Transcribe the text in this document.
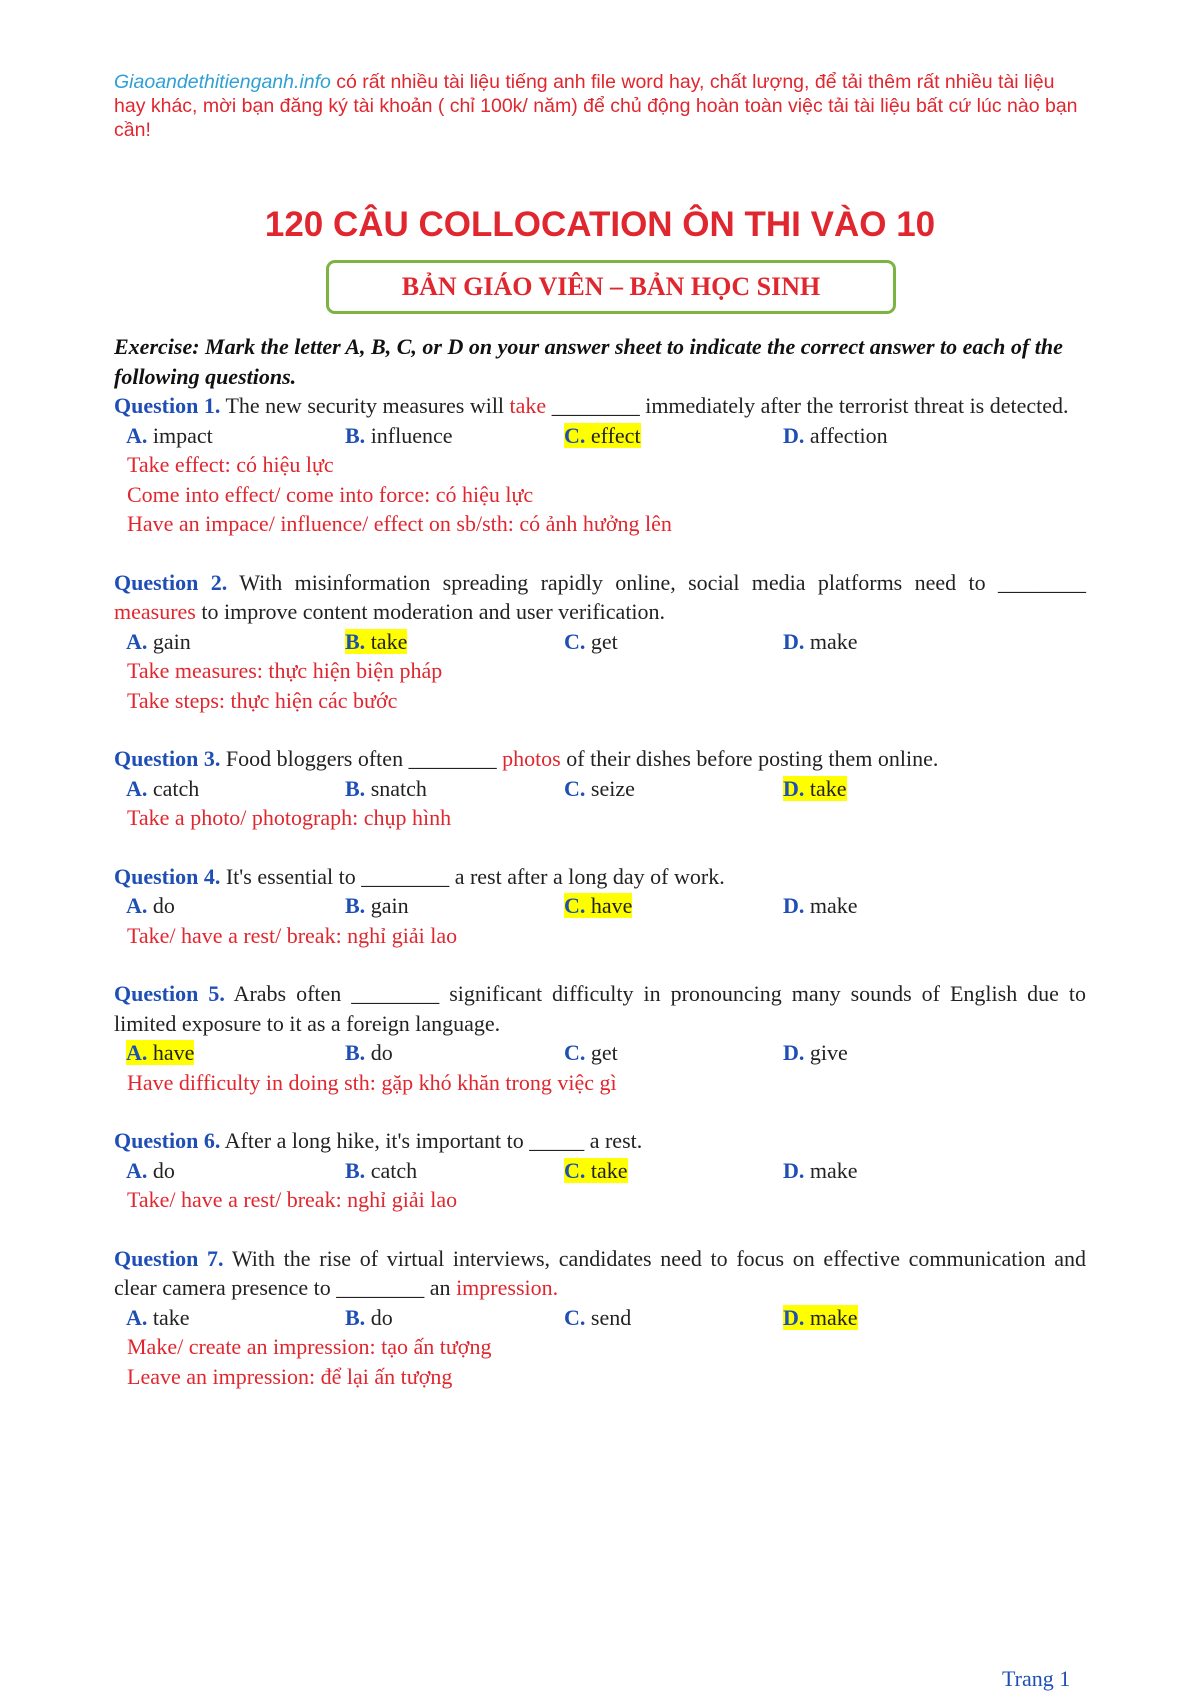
Giaoandethitienganh.info có rất nhiều tài liệu tiếng anh file word hay, chất lượng, để tải thêm rất nhiều tài liệu hay khác, mời bạn đăng ký tài khoản ( chỉ 100k/ năm) để chủ động hoàn toàn việc tải tài liệu bất cứ lúc nào bạn cần!
120 CÂU COLLOCATION ÔN THI VÀO 10
BẢN GIÁO VIÊN – BẢN HỌC SINH

Exercise: Mark the letter A, B, C, or D on your answer sheet to indicate the correct answer to each of the following questions.

Question 1. The new security measures will take ________ immediately after the terrorist threat is detected.

A. impact	B. influence	C. effect	D. affection

Take effect: có hiệu lực

Come into effect/ come into force: có hiệu lực

Have an impace/ influence/ effect on sb/sth: có ảnh hưởng lên

Question 2. With misinformation spreading rapidly online, social media platforms need to ________ measures to improve content moderation and user verification.

A. gain	B. take	C. get	D. make

Take measures: thực hiện biện pháp

Take steps: thực hiện các bước

Question 3. Food bloggers often ________ photos of their dishes before posting them online.

A. catch	B. snatch	C. seize	D. take

Take a photo/ photograph: chụp hình

Question 4. It's essential to ________ a rest after a long day of work.

A. do	B. gain	C. have	D. make

Take/ have a rest/ break: nghỉ giải lao

Question 5. Arabs often ________ significant difficulty in pronouncing many sounds of English due to limited exposure to it as a foreign language.

A. have	B. do	C. get	D. give

Have difficulty in doing sth: gặp khó khăn trong việc gì

Question 6. After a long hike, it's important to _____ a rest.

A. do	B. catch	C. take	D. make

Take/ have a rest/ break: nghỉ giải lao

Question 7. With the rise of virtual interviews, candidates need to focus on effective communication and clear camera presence to ________ an impression.

A. take	B. do	C. send	D. make

Make/ create an impression: tạo ấn tượng

Leave an impression: để lại ấn tượng

Trang 1
